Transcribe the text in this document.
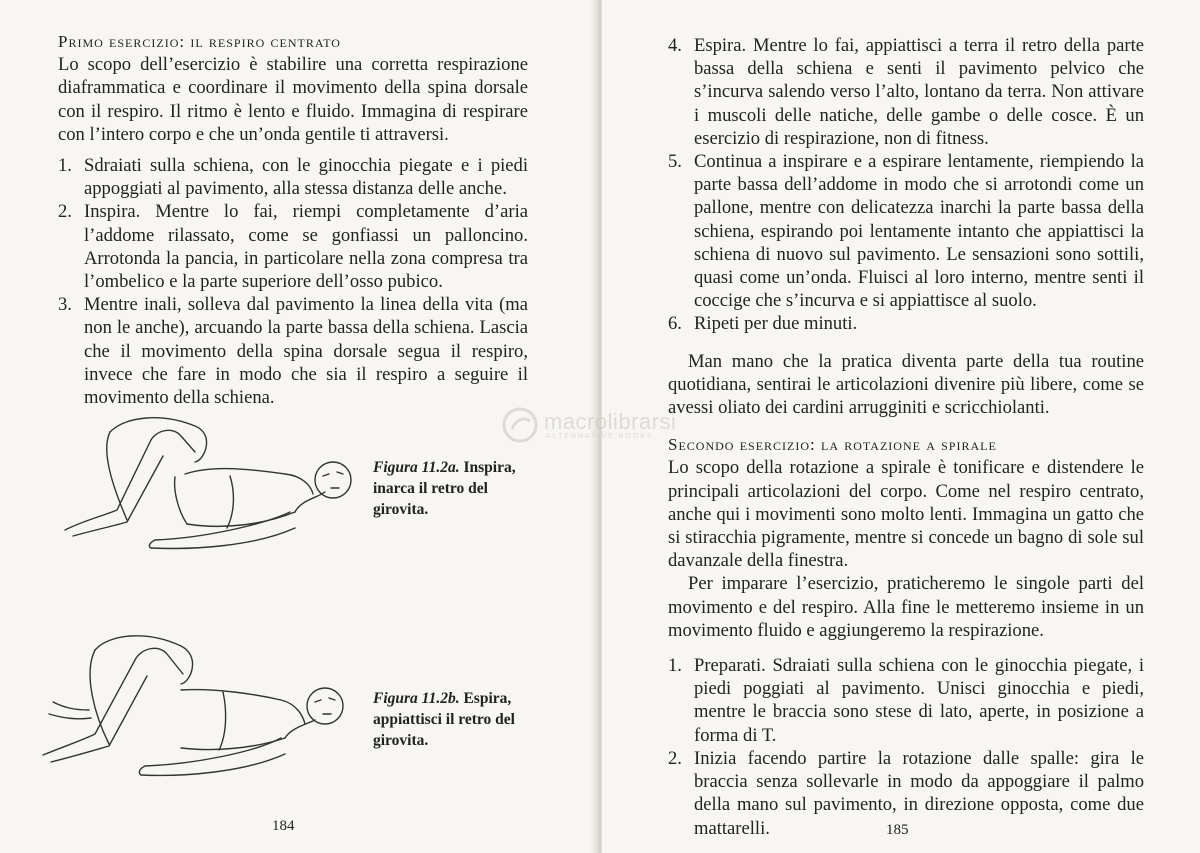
Primo esercizio: il respiro centrato

Lo scopo dell’esercizio è stabilire una corretta respirazione diaframmatica e coordinare il movimento della spina dorsale con il respiro. Il ritmo è lento e fluido. Immagina di respirare con l’intero corpo e che un’onda gentile ti attraversi.

1. Sdraiati sulla schiena, con le ginocchia piegate e i piedi appoggiati al pavimento, alla stessa distanza delle anche.
2. Inspira. Mentre lo fai, riempi completamente d’aria l’addome rilassato, come se gonfiassi un palloncino. Arrotonda la pancia, in particolare nella zona compresa tra l’ombelico e la parte superiore dell’osso pubico.
3. Mentre inali, solleva dal pavimento la linea della vita (ma non le anche), arcuando la parte bassa della schiena. Lascia che il movimento della spina dorsale segua il respiro, invece che fare in modo che sia il respiro a seguire il movimento della schiena.
Figura 11.2a. Inspira, inarca il retro del girovita.
Figura 11.2b. Espira, appiattisci il retro del girovita.
184
4. Espira. Mentre lo fai, appiattisci a terra il retro della parte bassa della schiena e senti il pavimento pelvico che s’incurva salendo verso l’alto, lontano da terra. Non attivare i muscoli delle natiche, delle gambe o delle cosce. È un esercizio di respirazione, non di fitness.
5. Continua a inspirare e a espirare lentamente, riempiendo la parte bassa dell’addome in modo che si arrotondi come un pallone, mentre con delicatezza inarchi la parte bassa della schiena, espirando poi lentamente intanto che appiattisci la schiena di nuovo sul pavimento. Le sensazioni sono sottili, quasi come un’onda. Fluisci al loro interno, mentre senti il coccige che s’incurva e si appiattisce al suolo.
6. Ripeti per due minuti.

Man mano che la pratica diventa parte della tua routine quotidiana, sentirai le articolazioni divenire più libere, come se avessi oliato dei cardini arrugginiti e scricchiolanti.

Secondo esercizio: la rotazione a spirale

Lo scopo della rotazione a spirale è tonificare e distendere le principali articolazioni del corpo. Come nel respiro centrato, anche qui i movimenti sono molto lenti. Immagina un gatto che si stiracchia pigramente, mentre si concede un bagno di sole sul davanzale della finestra.

Per imparare l’esercizio, praticheremo le singole parti del movimento e del respiro. Alla fine le metteremo insieme in un movimento fluido e aggiungeremo la respirazione.

1. Preparati. Sdraiati sulla schiena con le ginocchia piegate, i piedi poggiati al pavimento. Unisci ginocchia e piedi, mentre le braccia sono stese di lato, aperte, in posizione a forma di T.
2. Inizia facendo partire la rotazione dalle spalle: gira le braccia senza sollevarle in modo da appoggiare il palmo della mano sul pavimento, in direzione opposta, come due mattarelli.	185
macrolibrarsi
ALTERNATIVE BOOKS
